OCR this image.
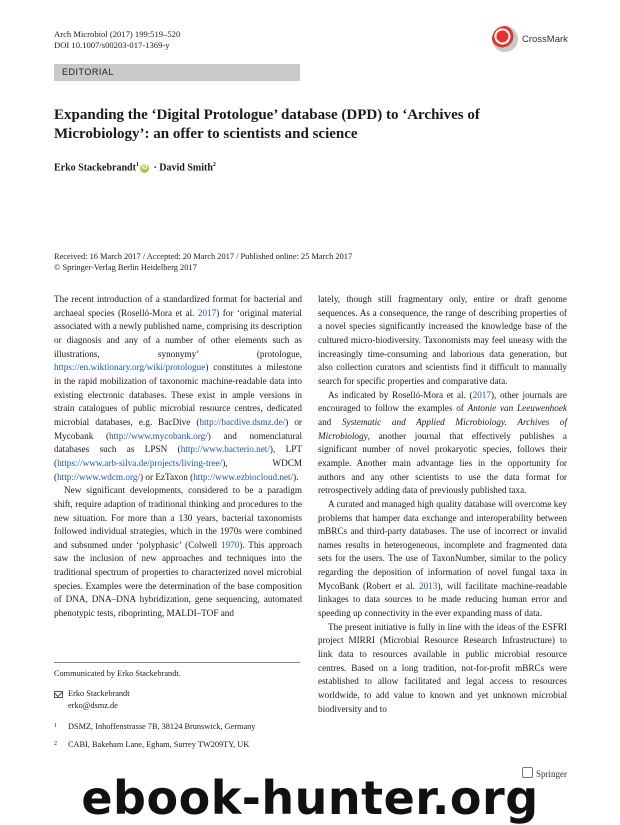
Arch Microbiol (2017) 199:519–520
DOI 10.1007/s00203-017-1369-y	CrossMark
EDITORIAL
Expanding the ‘Digital Protologue’ database (DPD) to ‘Archives of Microbiology’: an offer to scientists and science
Erko Stackebrandt$^1$iD · David Smith$^2$
Received: 16 March 2017 / Accepted: 20 March 2017 / Published online: 25 March 2017
© Springer-Verlag Berlin Heidelberg 2017

The recent introduction of a standardized format for bacterial and archaeal species (Roselló-Mora et al. 2017) for ‘original material associated with a newly published name, comprising its description or diagnosis and any of a number of other elements such as illustrations, synonymy’ (protologue, https://en.wiktionary.org/wiki/protologue) constitutes a milestone in the rapid mobilization of taxonomic machine-readable data into existing electronic databases. These exist in ample versions in strain catalogues of public microbial resource centres, dedicated microbial databases, e.g. BacDive (http://bacdive.dsmz.de/) or Mycobank (http://www.mycobank.org/) and nomenclatural databases such as LPSN (http://www.bacterio.net/), LPT (https://www.arb-silva.de/projects/living-tree/), WDCM (http://www.wdcm.org/) or EzTaxon (http://www.ezbiocloud.net/).

New significant developments, considered to be a paradigm shift, require adaption of traditional thinking and procedures to the new situation. For more than a 130 years, bacterial taxonomists followed individual strategies, which in the 1970s were combined and subsumed under ‘polyphasic’ (Colwell 1970). This approach saw the inclusion of new approaches and techniques into the traditional spectrum of properties to characterized novel microbial species. Examples were the determination of the base composition of DNA, DNA–DNA hybridization, gene sequencing, automated phenotypic tests, riboprinting, MALDI–TOF and

lately, though still fragmentary only, entire or draft genome sequences. As a consequence, the range of describing properties of a novel species significantly increased the knowledge base of the cultured micro-biodiversity. Taxonomists may feel uneasy with the increasingly time-consuming and laborious data generation, but also collection curators and scientists find it difficult to manually search for specific properties and comparative data.

As indicated by Roselló-Mora et al. (2017), other journals are encouraged to follow the examples of Antonie van Leeuwenhoek and Systematic and Applied Microbiology. Archives of Microbiology, another journal that effectively publishes a significant number of novel prokaryotic species, follows their example. Another main advantage lies in the opportunity for authors and any other scientists to use the data format for retrospectively adding data of previously published taxa.

A curated and managed high quality database will overcome key problems that hamper data exchange and interoperability between mBRCs and third-party databases. The use of incorrect or invalid names results in heterogeneous, incomplete and fragmented data sets for the users. The use of TaxonNumber, similar to the policy regarding the deposition of information of novel fungal taxa in MycoBank (Robert et al. 2013), will facilitate machine-readable linkages to data sources to be made reducing human error and speeding up connectivity in the ever expanding mass of data.

The present initiative is fully in line with the ideas of the ESFRI project MIRRI (Microbial Resource Research Infrastructure) to link data to resources available in public microbial resource centres. Based on a long tradition, not-for-profit mBRCs were established to allow facilitated and legal access to resources worldwide, to add value to known and yet unknown microbial biodiversity and to

Communicated by Erko Stackebrandt.
Erko Stackebrandt
erko@dsmz.de
1 DSMZ, Inhoffenstrasse 7B, 38124 Brunswick, Germany
2 CABI, Bakeham Lane, Egham, Surrey TW209TY, UK
Springer
ebook-hunter.org
